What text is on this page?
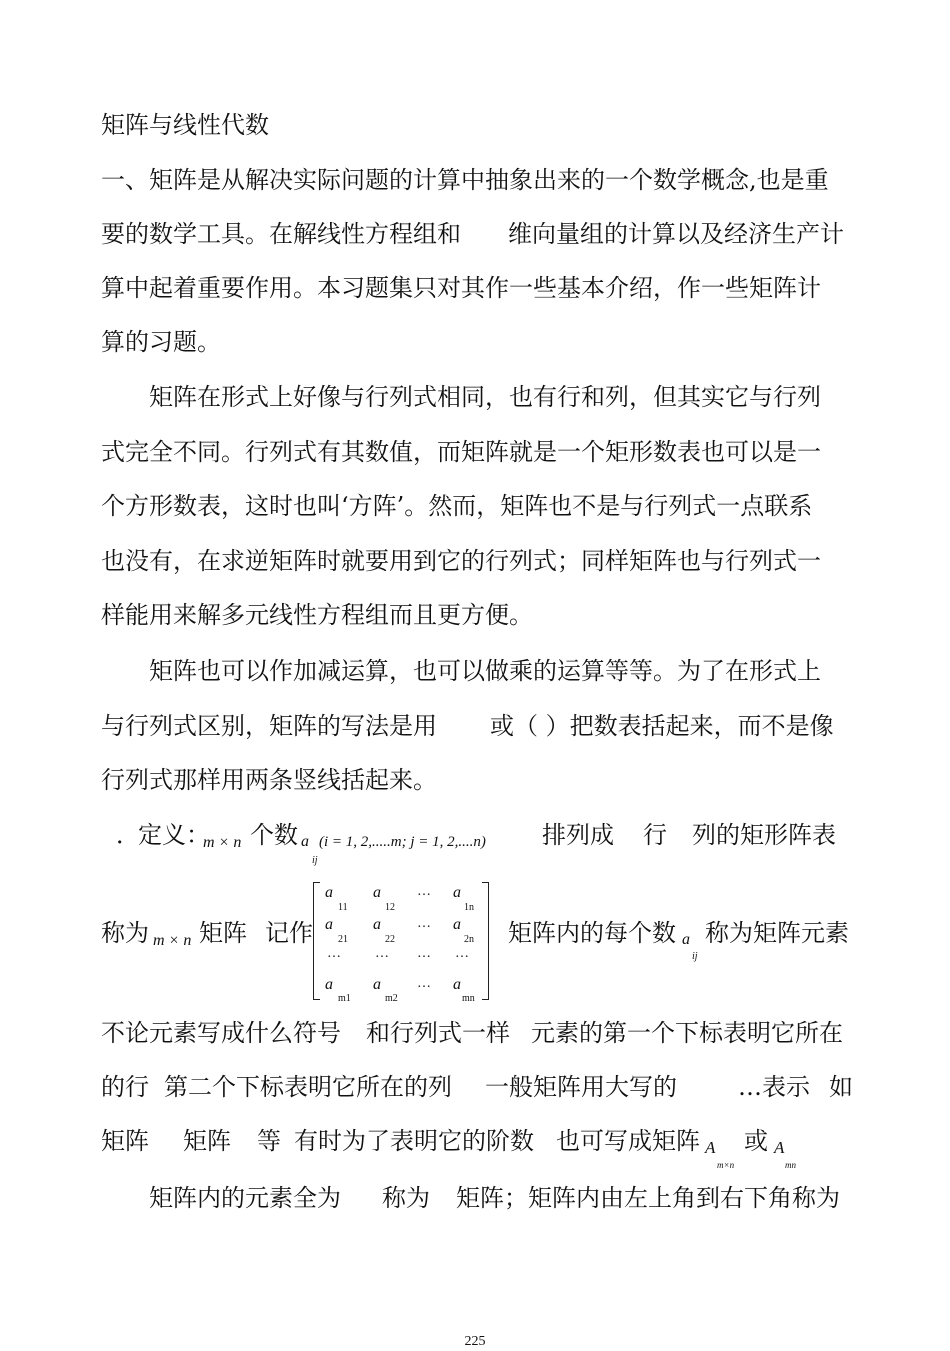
矩阵与线性代数
一、矩阵是从解决实际问题的计算中抽象出来的一个数学概念,也是重
要的数学工具。在解线性方程组和 维向量组的计算以及经济生产计
算中起着重要作用。本习题集只对其作一些基本介绍，作一些矩阵计
算的习题。
矩阵在形式上好像与行列式相同，也有行和列，但其实它与行列
式完全不同。行列式有其数值，而矩阵就是一个矩形数表也可以是一
个方形数表，这时也叫‘方阵’。然而，矩阵也不是与行列式一点联系
也没有，在求逆矩阵时就要用到它的行列式；同样矩阵也与行列式一
样能用来解多元线性方程组而且更方便。
矩阵也可以作加减运算，也可以做乘的运算等等。为了在形式上
与行列式区别，矩阵的写法是用 或（ ）把数表括起来，而不是像
行列式那样用两条竖线括起来。
．
定义：
m × n 个数 a
ij
(i = 1, 2,.....m; j = 1, 2,....n) 排列成 行 列的矩形阵表
称为 m × n 矩阵 记作
a
11
a
12
… a
1n
a
21
a
22
… a
2n
… … … …
a
m1
a
m2
… a
mn
矩阵内的每个数 a
ij
称为矩阵元素
不论元素写成什么符号 和行列式一样 元素的第一个下标表明它所在
的行 第二个下标表明它所在的列 一般矩阵用大写的	…表示 如
矩阵 矩阵 等 有时为了表明它的阶数 也可写成矩阵 A
m×n
或 A
mn
矩阵内的元素全为 称为 矩阵；矩阵内由左上角到右下角称为
225
